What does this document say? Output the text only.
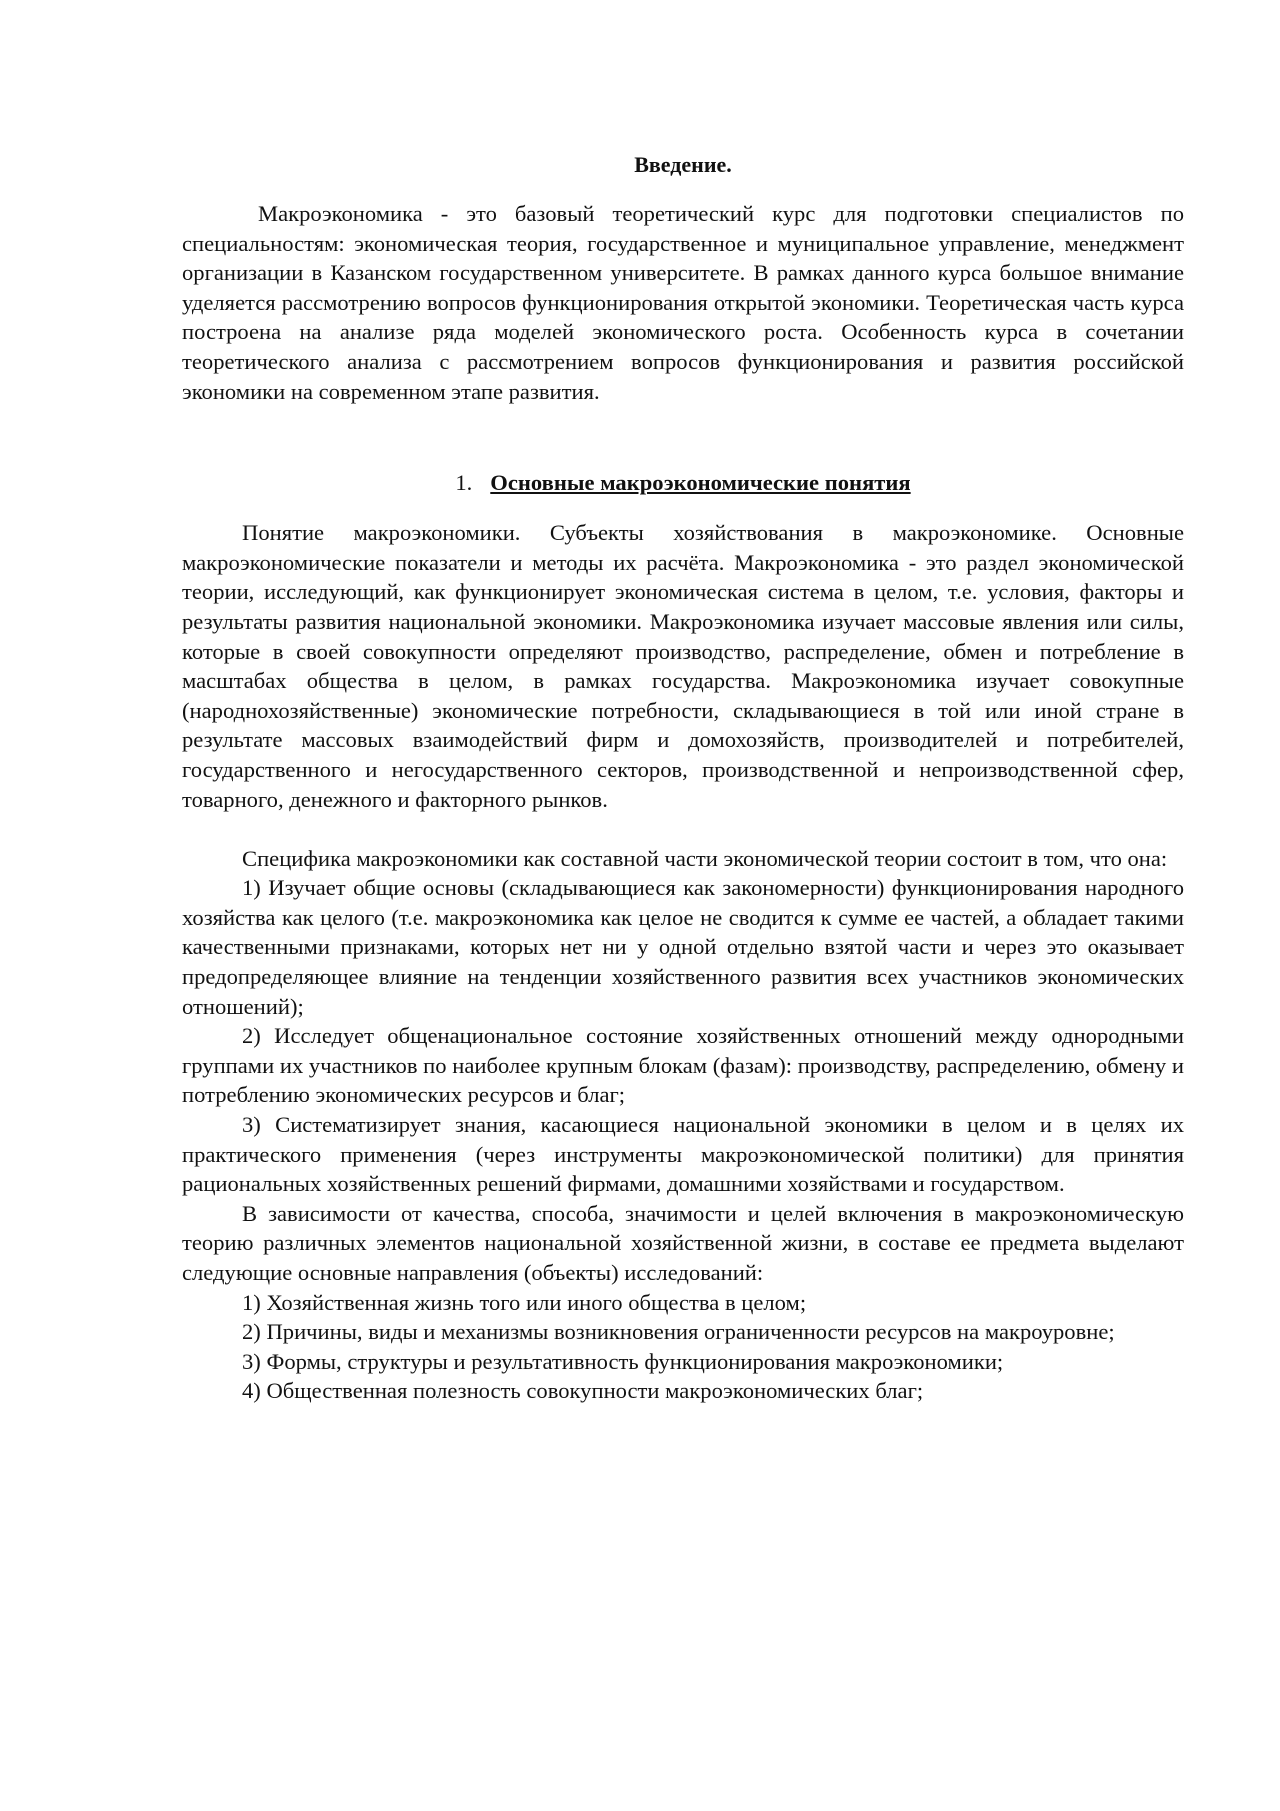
Введение.

Макроэкономика - это базовый теоретический курс для подготовки специалистов по специальностям: экономическая теория, государственное и муниципальное управление, менеджмент организации в Казанском государственном университете. В рамках данного курса большое внимание уделяется рассмотрению вопросов функционирования открытой экономики. Теоретическая часть курса построена на анализе ряда моделей экономического роста. Особенность курса в сочетании теоретического анализа с рассмотрением вопросов функционирования и развития российской экономики на современном этапе развития.

1. Основные макроэкономические понятия

Понятие макроэкономики. Субъекты хозяйствования в макроэкономике. Основные макроэкономические показатели и методы их расчёта. Макроэкономика - это раздел экономической теории, исследующий, как функционирует экономическая система в целом, т.е. условия, факторы и результаты развития национальной экономики. Макроэкономика изучает массовые явления или силы, которые в своей совокупности определяют производство, распределение, обмен и потребление в масштабах общества в целом, в рамках государства. Макроэкономика изучает совокупные (народнохозяйственные) экономические потребности, складывающиеся в той или иной стране в результате массовых взаимодействий фирм и домохозяйств, производителей и потребителей, государственного и негосударственного секторов, производственной и непроизводственной сфер, товарного, денежного и факторного рынков.

Специфика макроэкономики как составной части экономической теории состоит в том, что она:

1) Изучает общие основы (складывающиеся как закономерности) функционирования народного хозяйства как целого (т.е. макроэкономика как целое не сводится к сумме ее частей, а обладает такими качественными признаками, которых нет ни у одной отдельно взятой части и через это оказывает предопределяющее влияние на тенденции хозяйственного развития всех участников экономических отношений);

2) Исследует общенациональное состояние хозяйственных отношений между однородными группами их участников по наиболее крупным блокам (фазам): производству, распределению, обмену и потреблению экономических ресурсов и благ;

3) Систематизирует знания, касающиеся национальной экономики в целом и в целях их практического применения (через инструменты макроэкономической политики) для принятия рациональных хозяйственных решений фирмами, домашними хозяйствами и государством.

В зависимости от качества, способа, значимости и целей включения в макроэкономическую теорию различных элементов национальной хозяйственной жизни, в составе ее предмета выделают следующие основные направления (объекты) исследований:

1) Хозяйственная жизнь того или иного общества в целом;

2) Причины, виды и механизмы возникновения ограниченности ресурсов на макроуровне;

3) Формы, структуры и результативность функционирования макроэкономики;

4) Общественная полезность совокупности макроэкономических благ;
